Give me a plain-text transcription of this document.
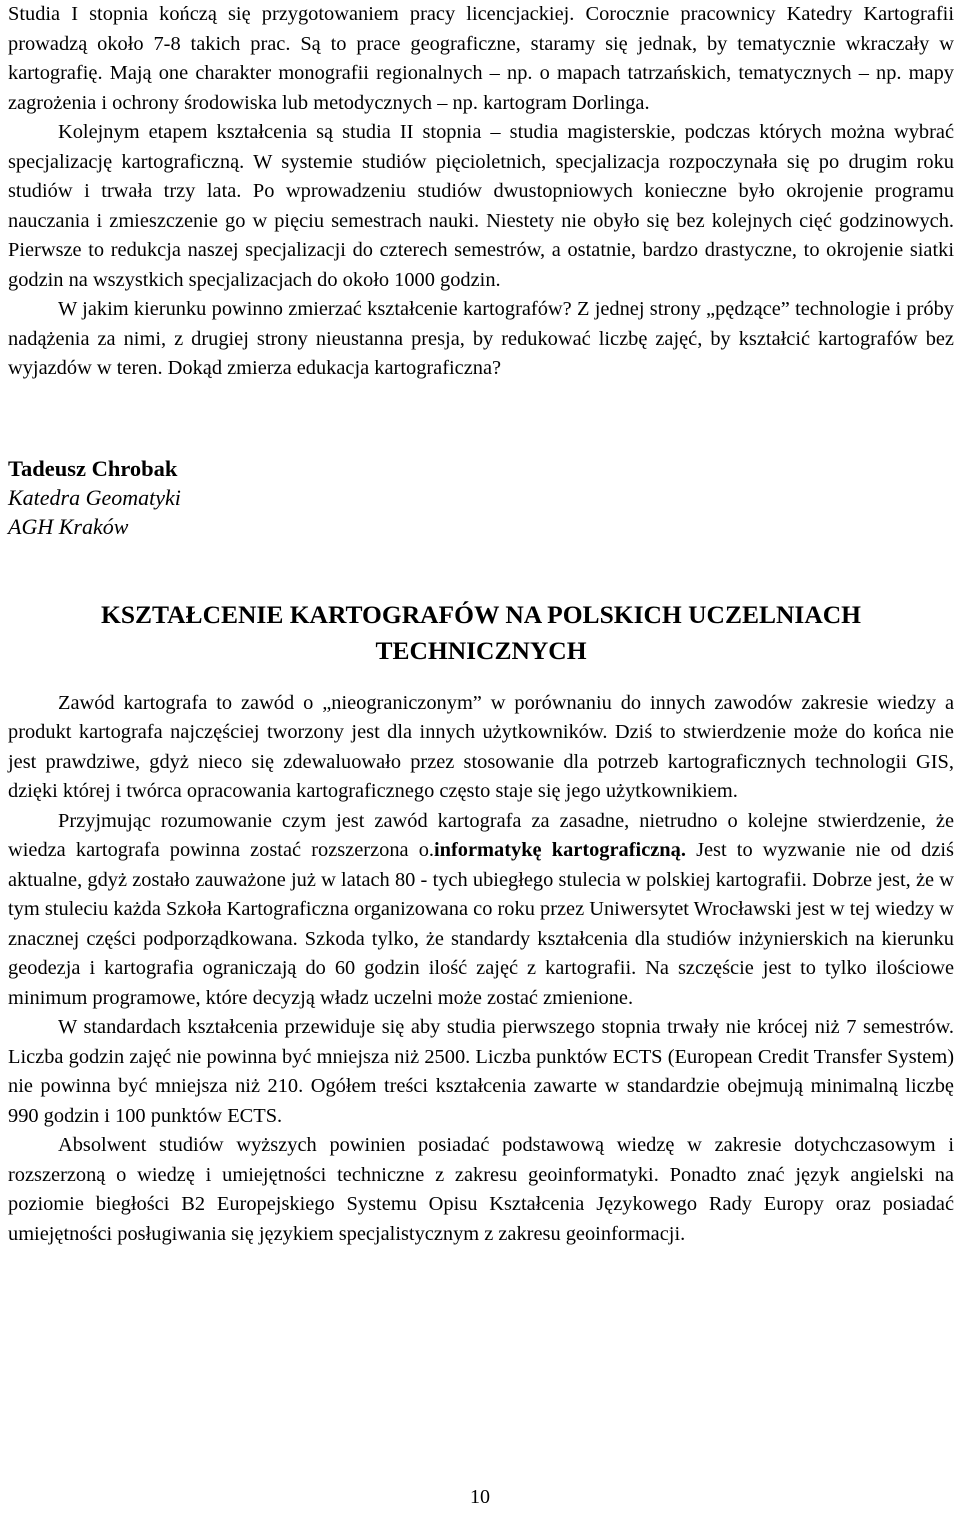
Studia I stopnia kończą się przygotowaniem pracy licencjackiej. Corocznie pracownicy Katedry Kartografii prowadzą około 7-8 takich prac. Są to prace geograficzne, staramy się jednak, by tematycznie wkraczały w kartografię. Mają one charakter monografii regionalnych – np. o mapach tatrzańskich, tematycznych – np. mapy zagrożenia i ochrony środowiska lub metodycznych – np. kartogram Dorlinga.

Kolejnym etapem kształcenia są studia II stopnia – studia magisterskie, podczas których można wybrać specjalizację kartograficzną. W systemie studiów pięcioletnich, specjalizacja rozpoczynała się po drugim roku studiów i trwała trzy lata. Po wprowadzeniu studiów dwustopniowych konieczne było okrojenie programu nauczania i zmieszczenie go w pięciu semestrach nauki. Niestety nie obyło się bez kolejnych cięć godzinowych. Pierwsze to redukcja naszej specjalizacji do czterech semestrów, a ostatnie, bardzo drastyczne, to okrojenie siatki godzin na wszystkich specjalizacjach do około 1000 godzin.

W jakim kierunku powinno zmierzać kształcenie kartografów? Z jednej strony „pędzące” technologie i próby nadążenia za nimi, z drugiej strony nieustanna presja, by redukować liczbę zajęć, by kształcić kartografów bez wyjazdów w teren. Dokąd zmierza edukacja kartograficzna?

Tadeusz Chrobak
Katedra Geomatyki
AGH Kraków
KSZTAŁCENIE KARTOGRAFÓW NA POLSKICH UCZELNIACH
TECHNICZNYCH

Zawód kartografa to zawód o „nieograniczonym” w porównaniu do innych zawodów zakresie wiedzy a produkt kartografa najczęściej tworzony jest dla innych użytkowników. Dziś to stwierdzenie może do końca nie jest prawdziwe, gdyż nieco się zdewaluowało przez stosowanie dla potrzeb kartograficznych technologii GIS, dzięki której i twórca opracowania kartograficznego często staje się jego użytkownikiem.

Przyjmując rozumowanie czym jest zawód kartografa za zasadne, nietrudno o kolejne stwierdzenie, że wiedza kartografa powinna zostać rozszerzona o.informatykę kartograficzną. Jest to wyzwanie nie od dziś aktualne, gdyż zostało zauważone już w latach 80 - tych ubiegłego stulecia w polskiej kartografii. Dobrze jest, że w tym stuleciu każda Szkoła Kartograficzna organizowana co roku przez Uniwersytet Wrocławski jest w tej wiedzy w znacznej części podporządkowana. Szkoda tylko, że standardy kształcenia dla studiów inżynierskich na kierunku geodezja i kartografia ograniczają do 60 godzin ilość zajęć z kartografii. Na szczęście jest to tylko ilościowe minimum programowe, które decyzją władz uczelni może zostać zmienione.

W standardach kształcenia przewiduje się aby studia pierwszego stopnia trwały nie krócej niż 7 semestrów. Liczba godzin zajęć nie powinna być mniejsza niż 2500. Liczba punktów ECTS (European Credit Transfer System) nie powinna być mniejsza niż 210. Ogółem treści kształcenia zawarte w standardzie obejmują minimalną liczbę 990 godzin i 100 punktów ECTS.

Absolwent studiów wyższych powinien posiadać podstawową wiedzę w zakresie dotychczasowym i rozszerzoną o wiedzę i umiejętności techniczne z zakresu geoinformatyki. Ponadto znać język angielski na poziomie biegłości B2 Europejskiego Systemu Opisu Kształcenia Językowego Rady Europy oraz posiadać umiejętności posługiwania się językiem specjalistycznym z zakresu geoinformacji.

10
